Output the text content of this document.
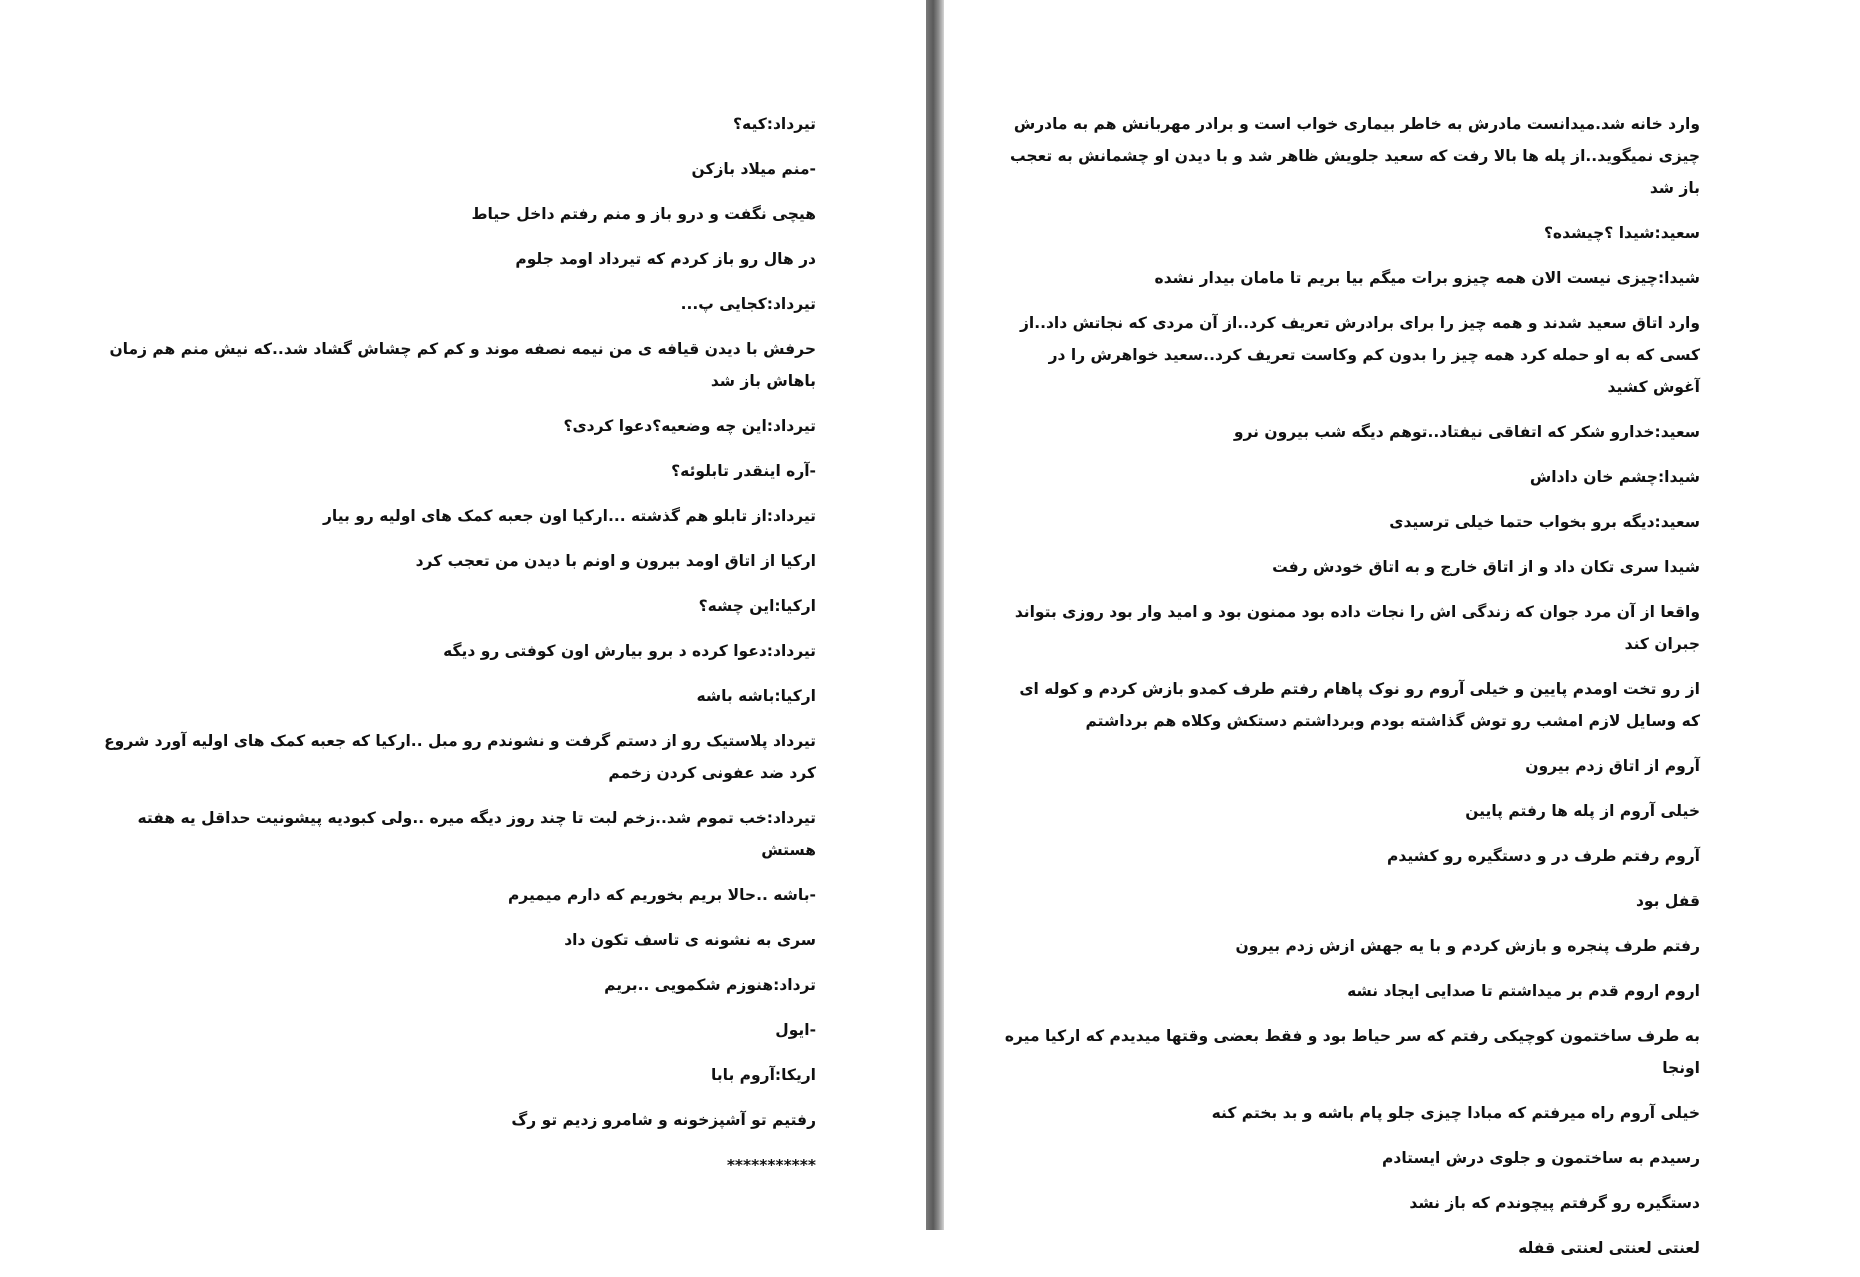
تیرداد:کیه؟

-منم میلاد بازکن

هیچی نگفت و درو باز و منم رفتم داخل حیاط

در هال رو باز کردم که تیرداد اومد جلوم

تیرداد:کجایی پ...

حرفش با دیدن قیافه ی من نیمه نصفه موند و کم کم چشاش گشاد شد..که نیش منم هم زمان باهاش باز شد

تیرداد:این چه وضعیه؟دعوا کردی؟

-آره اینقدر تابلوئه؟

تیرداد:از تابلو هم گذشته ...ارکیا اون جعبه کمک های اولیه رو بیار

ارکیا از اتاق اومد بیرون و اونم با دیدن من تعجب کرد

ارکیا:این چشه؟

تیرداد:دعوا کرده د برو بیارش اون کوفتی رو دیگه

ارکیا:باشه باشه

تیرداد پلاستیک رو از دستم گرفت و نشوندم رو مبل ..ارکیا که جعبه کمک های اولیه آورد شروع کرد ضد عفونی کردن زخمم

تیرداد:خب تموم شد..زخم لبت تا چند روز دیگه میره ..ولی کبودیه پیشونیت حداقل یه هفته هستش

-باشه ..حالا بریم بخوریم که دارم میمیرم

سری به نشونه ی تاسف تکون داد

ترداد:هنوزم شکمویی ..بریم

-ایول

اریکا:آروم بابا

رفتیم تو آشپزخونه و شامرو زدیم تو رگ

***********

وارد خانه شد.میدانست مادرش به خاطر بیماری خواب است و برادر مهربانش هم به مادرش چیزی نمیگوید..از پله ها بالا رفت که سعید جلویش ظاهر شد و با دیدن او چشمانش به تعجب باز شد

سعید:شیدا ؟چیشده؟

شیدا:چیزی نیست الان همه چیزو برات میگم بیا بریم تا مامان بیدار نشده

وارد اتاق سعید شدند و همه چیز را برای برادرش تعریف کرد..از آن مردی که نجاتش داد..از کسی که به او حمله کرد همه چیز را بدون کم وکاست تعریف کرد..سعید خواهرش را در آغوش کشید

سعید:خدارو شکر که اتفاقی نیفتاد..توهم دیگه شب بیرون نرو

شیدا:چشم خان داداش

سعید:دیگه برو بخواب حتما خیلی ترسیدی

شیدا سری تکان داد و از اتاق خارج و به اتاق خودش رفت

واقعا از آن مرد جوان که زندگی اش را نجات داده بود ممنون بود و امید وار بود روزی بتواند جبران کند

از رو تخت اومدم پایین و خیلی آروم رو نوک پاهام رفتم طرف کمدو بازش کردم و کوله ای که وسایل لازم امشب رو توش گذاشته بودم وبرداشتم دستکش وکلاه هم برداشتم

آروم از اتاق زدم بیرون

خیلی آروم از پله ها رفتم پایین

آروم رفتم طرف در و دستگیره رو کشیدم

قفل بود

رفتم طرف پنجره و بازش کردم و با یه جهش ازش زدم بیرون

اروم اروم قدم بر میداشتم تا صدایی ایجاد نشه

به طرف ساختمون کوچیکی رفتم که سر حیاط بود و فقط بعضی وقتها میدیدم که ارکیا میره اونجا

خیلی آروم راه میرفتم که مبادا چیزی جلو پام باشه و بد بختم کنه

رسیدم به ساختمون و جلوی درش ایستادم

دستگیره رو گرفتم پیچوندم که باز نشد

لعنتی لعنتی لعنتی قفله
